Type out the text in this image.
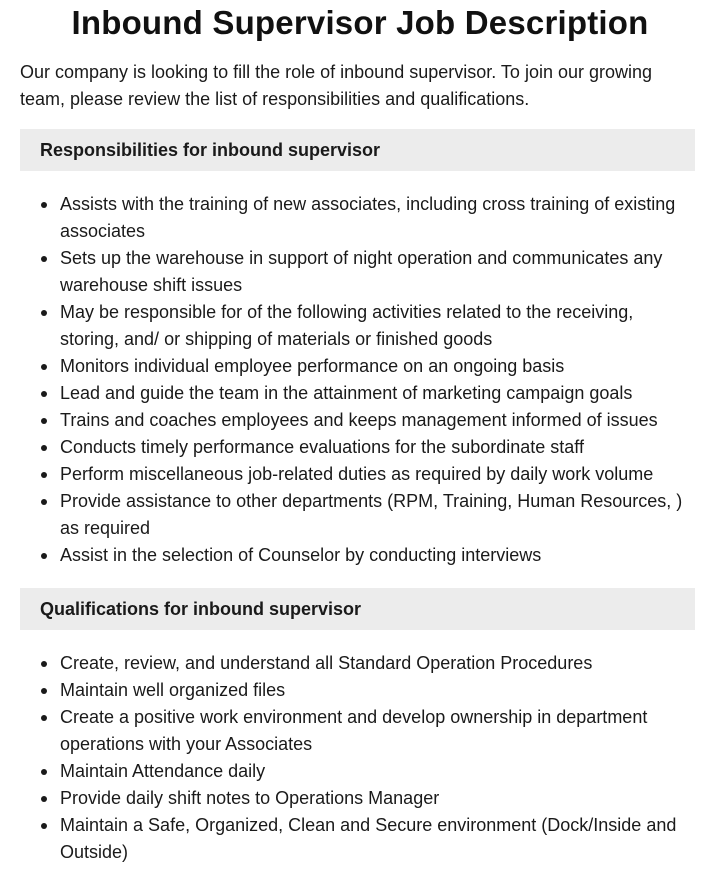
Inbound Supervisor Job Description

Our company is looking to fill the role of inbound supervisor. To join our growing team, please review the list of responsibilities and qualifications.

Responsibilities for inbound supervisor
Assists with the training of new associates, including cross training of existing associates
Sets up the warehouse in support of night operation and communicates any warehouse shift issues
May be responsible for of the following activities related to the receiving, storing, and/ or shipping of materials or finished goods
Monitors individual employee performance on an ongoing basis
Lead and guide the team in the attainment of marketing campaign goals
Trains and coaches employees and keeps management informed of issues
Conducts timely performance evaluations for the subordinate staff
Perform miscellaneous job-related duties as required by daily work volume
Provide assistance to other departments (RPM, Training, Human Resources, ) as required
Assist in the selection of Counselor by conducting interviews
Qualifications for inbound supervisor
Create, review, and understand all Standard Operation Procedures
Maintain well organized files
Create a positive work environment and develop ownership in department operations with your Associates
Maintain Attendance daily
Provide daily shift notes to Operations Manager
Maintain a Safe, Organized, Clean and Secure environment (Dock/Inside and Outside)
